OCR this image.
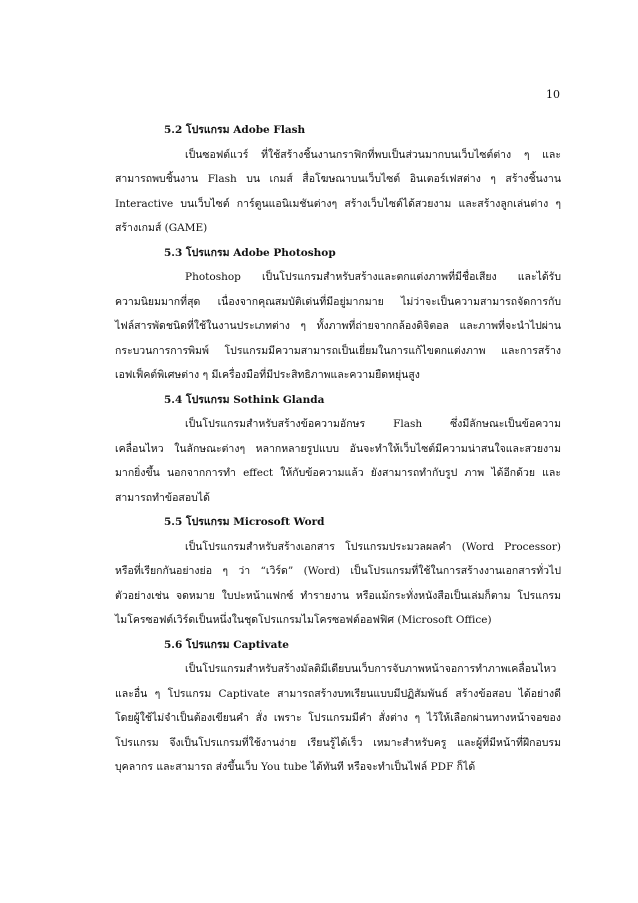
10
5.2 โปรแกรม Adobe Flash
เป็นซอฟต์แวร์ ที่ใช้สร้างชิ้นงานกราฟิกที่พบเป็นส่วนมากบนเว็บไซต์ต่าง ๆ และ
สามารถพบชิ้นงาน Flash บน เกมส์ สื่อโฆษณาบนเว็บไซต์ อินเตอร์เฟสต่าง ๆ สร้างชิ้นงาน
Interactive บนเว็บไซต์ การ์ตูนแอนิเมชันต่างๆ สร้างเว็บไซต์ได้สวยงาม และสร้างลูกเล่นต่าง ๆ
สร้างเกมส์ (GAME)
5.3 โปรแกรม Adobe Photoshop
Photoshop เป็นโปรแกรมสำหรับสร้างและตกแต่งภาพที่มีชื่อเสียง และได้รับ
ความนิยมมากที่สุด เนื่องจากคุณสมบัติเด่นที่มีอยู่มากมาย ไม่ว่าจะเป็นความสามารถจัดการกับ
ไฟล์สารพัดชนิดที่ใช้ในงานประเภทต่าง ๆ ทั้งภาพที่ถ่ายจากกล้องดิจิตอล และภาพที่จะนำไปผ่าน
กระบวนการการพิมพ์ โปรแกรมมีความสามารถเป็นเยี่ยมในการแก้ไขตกแต่งภาพ และการสร้าง
เอฟเฟ็คต์พิเศษต่าง ๆ มีเครื่องมือที่มีประสิทธิภาพและความยืดหยุ่นสูง
5.4 โปรแกรม Sothink Glanda
เป็นโปรแกรมสำหรับสร้างข้อความอักษร Flash ซึ่งมีลักษณะเป็นข้อความ
เคลื่อนไหว ในลักษณะต่างๆ หลากหลายรูปแบบ อันจะทำให้เว็บไซต์มีความน่าสนใจและสวยงาม
มากยิ่งขึ้น นอกจากการทำ effect ให้กับข้อความแล้ว ยังสามารถทำกับรูป ภาพ ได้อีกด้วย และ
สามารถทำข้อสอบได้
5.5 โปรแกรม Microsoft Word
เป็นโปรแกรมสำหรับสร้างเอกสาร โปรแกรมประมวลผลคำ (Word Processor)
หรือที่เรียกกันอย่างย่อ ๆ ว่า “เวิร์ด” (Word) เป็นโปรแกรมที่ใช้ในการสร้างงานเอกสารทั่วไป
ตัวอย่างเช่น จดหมาย ใบปะหน้าแฟกซ์ ทำรายงาน หรือแม้กระทั่งหนังสือเป็นเล่มก็ตาม โปรแกรม
ไมโครซอฟต์เวิร์ดเป็นหนึ่งในชุดโปรแกรมไมโครซอฟต์ออฟฟิศ (Microsoft Office)
5.6 โปรแกรม Captivate
เป็นโปรแกรมสำหรับสร้างมัลติมีเดียบนเว็บการจับภาพหน้าจอการทำภาพเคลื่อนไหว
และอื่น ๆ โปรแกรม Captivate สามารถสร้างบทเรียนแบบมีปฏิสัมพันธ์ สร้างข้อสอบ ได้อย่างดี
โดยผู้ใช้ไม่จำเป็นต้องเขียนคำ สั่ง เพราะ โปรแกรมมีคำ สั่งต่าง ๆ ไว้ให้เลือกผ่านทางหน้าจอของ
โปรแกรม จึงเป็นโปรแกรมที่ใช้งานง่าย เรียนรู้ได้เร็ว เหมาะสำหรับครู และผู้ที่มีหน้าที่ฝึกอบรม
บุคลากร และสามารถ ส่งขึ้นเว็บ You tube ได้ทันที หรือจะทำเป็นไฟล์ PDF ก็ได้
